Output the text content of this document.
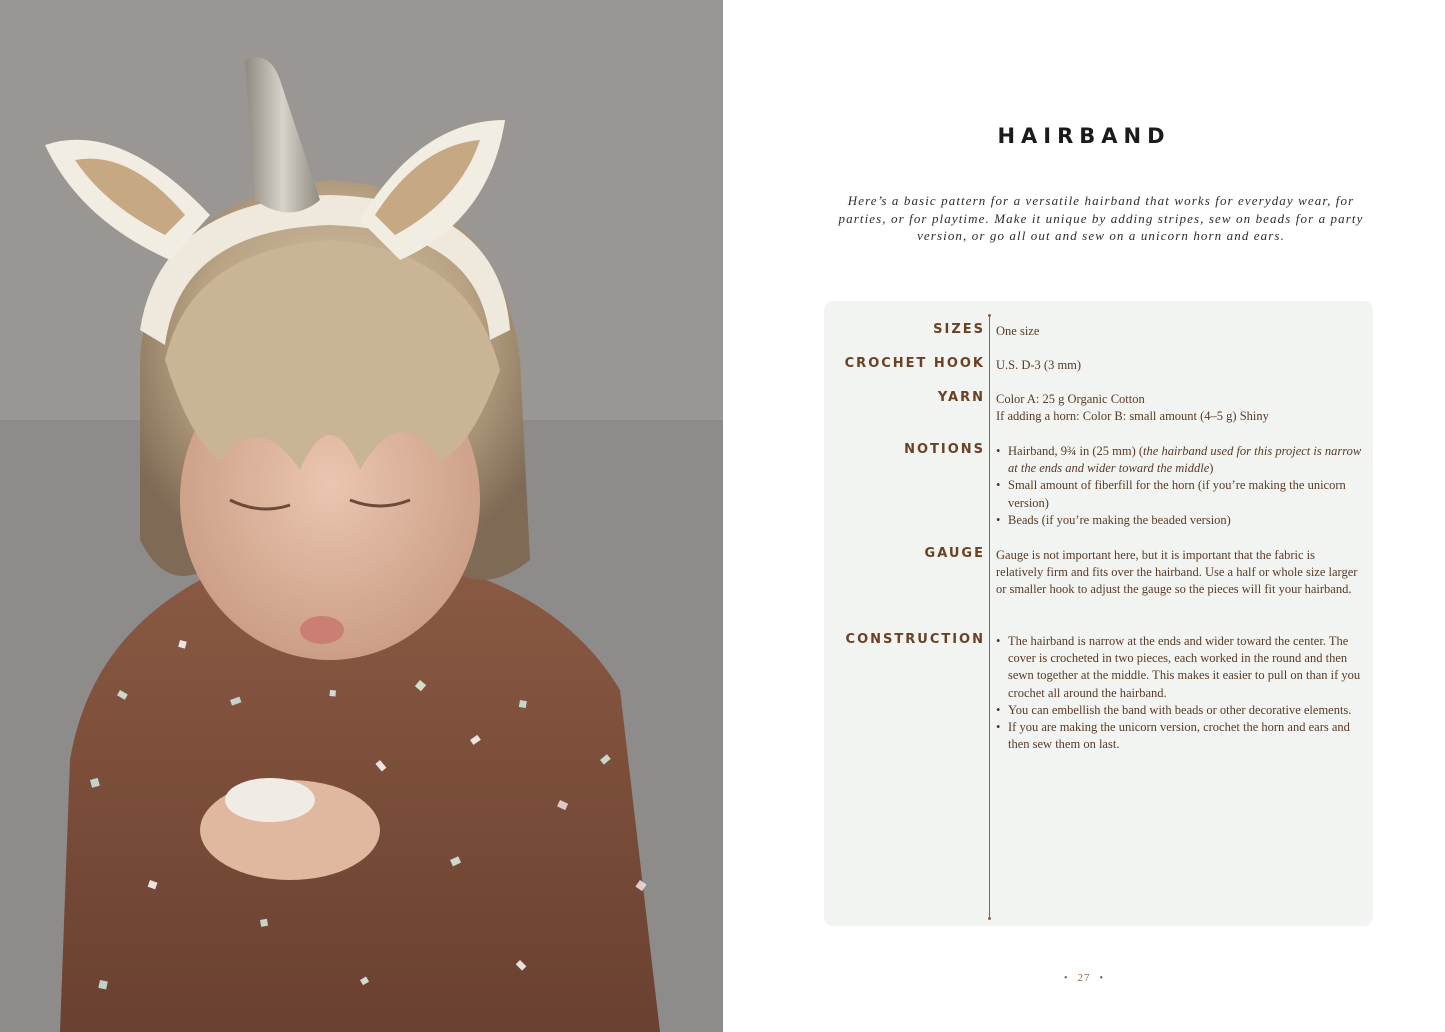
HAIRBAND
Here’s a basic pattern for a versatile hairband that works for everyday wear, for parties, or for playtime. Make it unique by adding stripes, sew on beads for a party version, or go all out and sew on a unicorn horn and ears.
SIZES One size
CROCHET HOOK U.S. D-3 (3 mm)
YARN Color A: 25 g Organic Cotton
If adding a horn: Color B: small amount (4–5 g) Shiny
NOTIONS	• Hairband, 9¾ in (25 mm) (the hairband used for this project is narrow at the ends and wider toward the middle)
• Small amount of fiberfill for the horn (if you’re making the unicorn version)
• Beads (if you’re making the beaded version)
GAUGE Gauge is not important here, but it is important that the fabric is relatively firm and fits over the hairband. Use a half or whole size larger or smaller hook to adjust the gauge so the pieces will fit your hairband.
CONSTRUCTION	• The hairband is narrow at the ends and wider toward the center. The cover is crocheted in two pieces, each worked in the round and then sewn together at the middle. This makes it easier to pull on than if you crochet all around the hairband.
• You can embellish the band with beads or other decorative elements.
• If you are making the unicorn version, crochet the horn and ears and then sew them on last.
• 27 •
